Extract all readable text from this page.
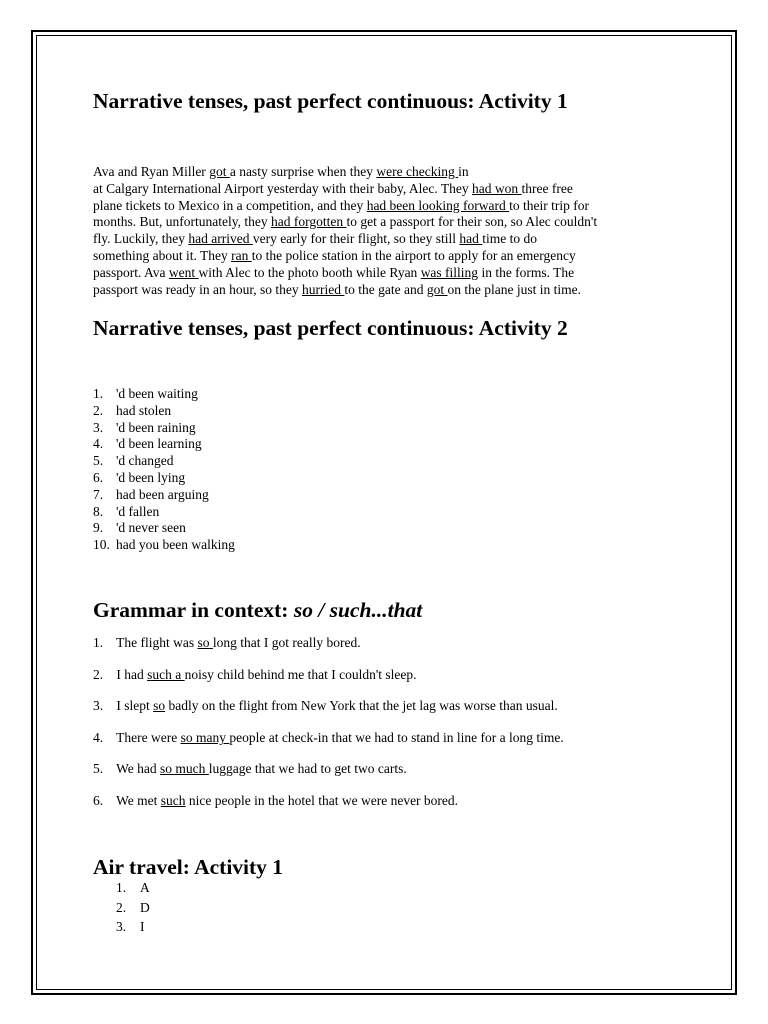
Narrative tenses, past perfect continuous: Activity 1
Ava and Ryan Miller got a nasty surprise when they were checking in
at Calgary International Airport yesterday with their baby, Alec. They had won three free
plane tickets to Mexico in a competition, and they had been looking forward to their trip for
months. But, unfortunately, they had forgotten to get a passport for their son, so Alec couldn't
fly. Luckily, they had arrived very early for their flight, so they still had time to do
something about it. They ran to the police station in the airport to apply for an emergency
passport. Ava went with Alec to the photo booth while Ryan was filling in the forms. The
passport was ready in an hour, so they hurried to the gate and got on the plane just in time.
Narrative tenses, past perfect continuous: Activity 2
1. 'd been waiting
2. had stolen
3. 'd been raining
4. 'd been learning
5. 'd changed
6. 'd been lying
7. had been arguing
8. 'd fallen
9. 'd never seen
10. had you been walking
Grammar in context: so / such...that

1. The flight was so long that I got really bored.

2. I had such a noisy child behind me that I couldn't sleep.

3. I slept so badly on the flight from New York that the jet lag was worse than usual.

4. There were so many people at check-in that we had to stand in line for a long time.

5. We had so much luggage that we had to get two carts.

6. We met such nice people in the hotel that we were never bored.

Air travel: Activity 1
1. A
2. D
3. I
